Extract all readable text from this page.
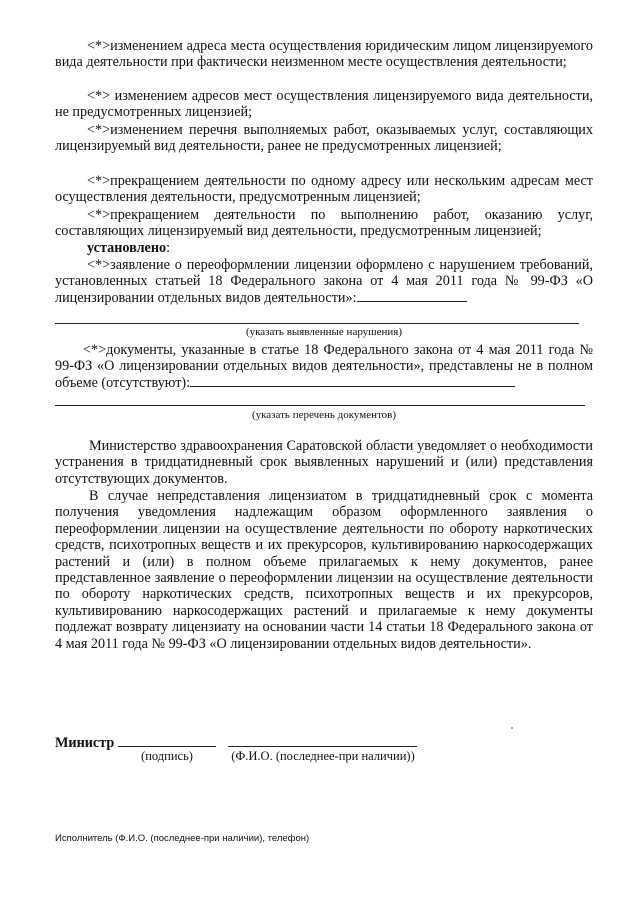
<*>изменением адреса места осуществления юридическим лицом лицензируемого вида деятельности при фактически неизменном месте осуществления деятельности;

<*> изменением адресов мест осуществления лицензируемого вида деятельности, не предусмотренных лицензией;

<*>изменением перечня выполняемых работ, оказываемых услуг, составляющих лицензируемый вид деятельности, ранее не предусмотренных лицензией;

<*>прекращением деятельности по одному адресу или нескольким адресам мест осуществления деятельности, предусмотренным лицензией;

<*>прекращением деятельности по выполнению работ, оказанию услуг, составляющих лицензируемый вид деятельности, предусмотренным лицензией;

установлено:

<*>заявление о переоформлении лицензии оформлено с нарушением требований, установленных статьей 18 Федерального закона от 4 мая 2011 года № 99-ФЗ «О лицензировании отдельных видов деятельности»:

(указать выявленные нарушения)

<*>документы, указанные в статье 18 Федерального закона от 4 мая 2011 года № 99-ФЗ «О лицензировании отдельных видов деятельности», представлены не в полном объеме (отсутствуют):

(указать перечень документов)

Министерство здравоохранения Саратовской области уведомляет о необходимости устранения в тридцатидневный срок выявленных нарушений и (или) представления отсутствующих документов.

В случае непредставления лицензиатом в тридцатидневный срок с момента получения уведомления надлежащим образом оформленного заявления о переоформлении лицензии на осуществление деятельности по обороту наркотических средств, психотропных веществ и их прекурсоров, культивированию наркосодержащих растений и (или) в полном объеме прилагаемых к нему документов, ранее представленное заявление о переоформлении лицензии на осуществление деятельности по обороту наркотических средств, психотропных веществ и их прекурсоров, культивированию наркосодержащих растений и прилагаемые к нему документы подлежат возврату лицензиату на основании части 14 статьи 18 Федерального закона от 4 мая 2011 года № 99-ФЗ «О лицензировании отдельных видов деятельности».

Министр

(подпись)	(Ф.И.О. (последнее-при наличии))

Исполнитель (Ф.И.О. (последнее-при наличии), телефон)
